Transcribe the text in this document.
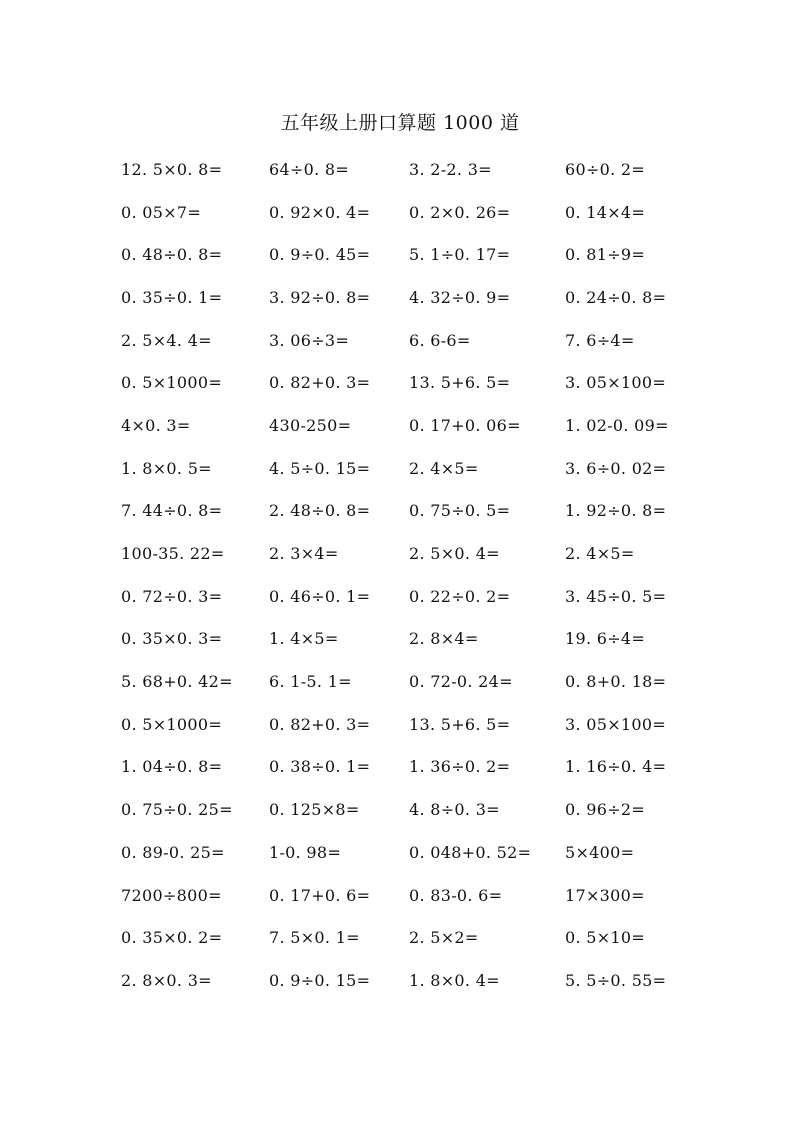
五年级上册口算题 1000 道
12. 5×0. 8=	64÷0. 8=	3. 2-2. 3=	60÷0. 2=
0. 05×7=	0. 92×0. 4=	0. 2×0. 26=	0. 14×4=
0. 48÷0. 8=	0. 9÷0. 45=	5. 1÷0. 17=	0. 81÷9=
0. 35÷0. 1=	3. 92÷0. 8=	4. 32÷0. 9=	0. 24÷0. 8=
2. 5×4. 4=	3. 06÷3=	6. 6-6=	7. 6÷4=
0. 5×1000=	0. 82+0. 3=	13. 5+6. 5=	3. 05×100=
4×0. 3=	430-250=	0. 17+0. 06=	1. 02-0. 09=
1. 8×0. 5=	4. 5÷0. 15=	2. 4×5=	3. 6÷0. 02=
7. 44÷0. 8=	2. 48÷0. 8=	0. 75÷0. 5=	1. 92÷0. 8=
100-35. 22=	2. 3×4=	2. 5×0. 4=	2. 4×5=
0. 72÷0. 3=	0. 46÷0. 1=	0. 22÷0. 2=	3. 45÷0. 5=
0. 35×0. 3=	1. 4×5=	2. 8×4=	19. 6÷4=
5. 68+0. 42=	6. 1-5. 1=	0. 72-0. 24=	0. 8+0. 18=
0. 5×1000=	0. 82+0. 3=	13. 5+6. 5=	3. 05×100=
1. 04÷0. 8=	0. 38÷0. 1=	1. 36÷0. 2=	1. 16÷0. 4=
0. 75÷0. 25=	0. 125×8=	4. 8÷0. 3=	0. 96÷2=
0. 89-0. 25=	1-0. 98=	0. 048+0. 52=	5×400=
7200÷800=	0. 17+0. 6=	0. 83-0. 6=	17×300=
0. 35×0. 2=	7. 5×0. 1=	2. 5×2=	0. 5×10=
2. 8×0. 3=	0. 9÷0. 15=	1. 8×0. 4=	5. 5÷0. 55=
